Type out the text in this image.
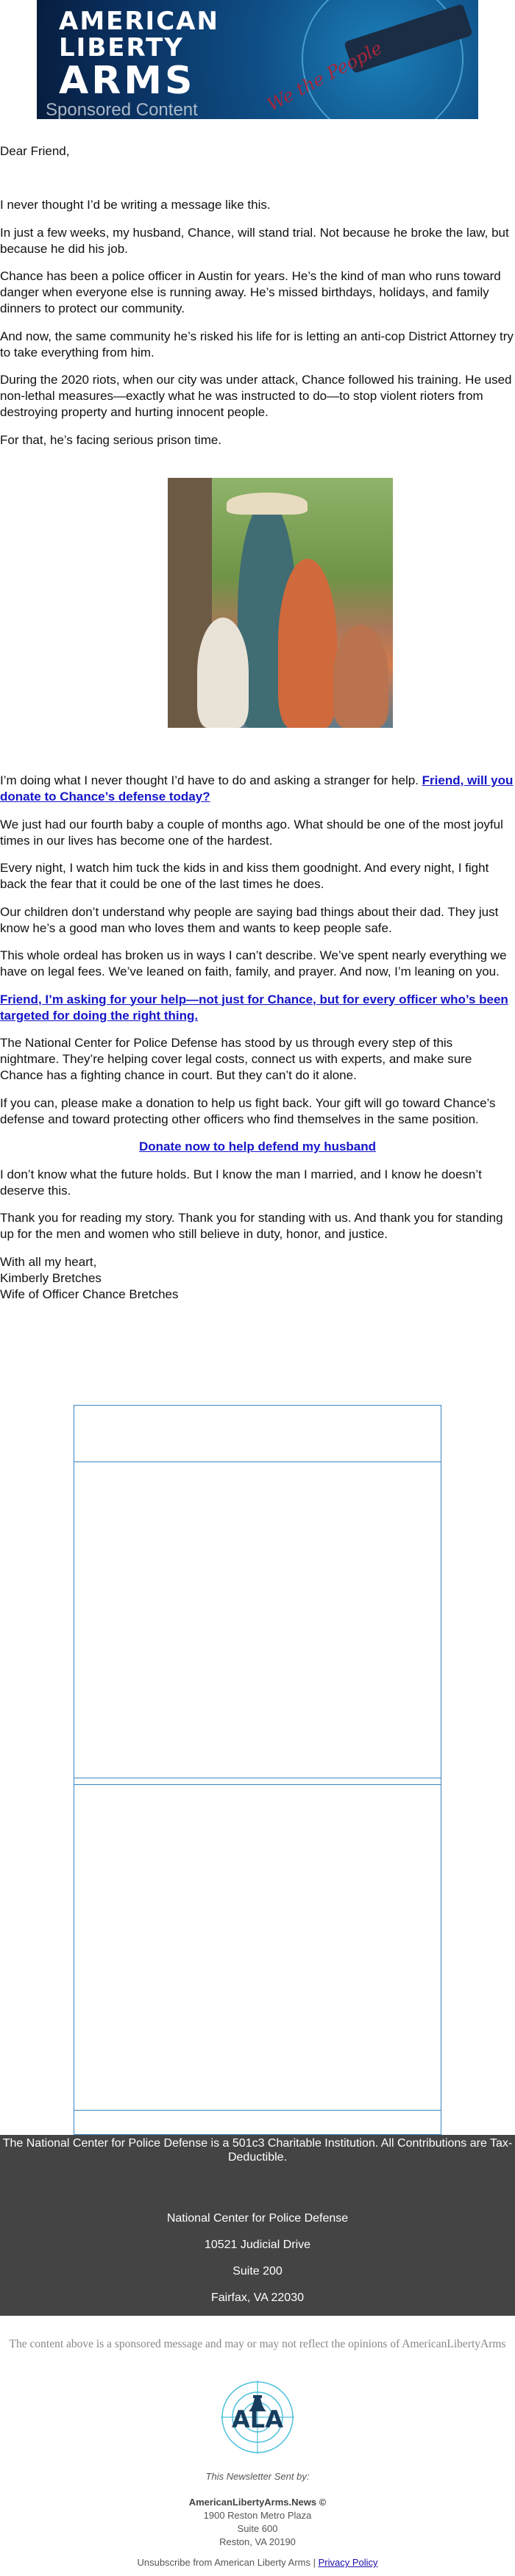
AMERICAN
LIBERTY
ARMS	We the People
Sponsored Content

Dear Friend,

I never thought I’d be writing a message like this.

In just a few weeks, my husband, Chance, will stand trial. Not because he broke the law, but because he did his job.

Chance has been a police officer in Austin for years. He’s the kind of man who runs toward danger when everyone else is running away. He’s missed birthdays, holidays, and family dinners to protect our community.

And now, the same community he’s risked his life for is letting an anti-cop District Attorney try to take everything from him.

During the 2020 riots, when our city was under attack, Chance followed his training. He used non-lethal measures—exactly what he was instructed to do—to stop violent rioters from destroying property and hurting innocent people.

For that, he’s facing serious prison time.

I’m doing what I never thought I’d have to do and asking a stranger for help. Friend, will you donate to Chance’s defense today?

We just had our fourth baby a couple of months ago. What should be one of the most joyful times in our lives has become one of the hardest.

Every night, I watch him tuck the kids in and kiss them goodnight. And every night, I fight back the fear that it could be one of the last times he does.

Our children don’t understand why people are saying bad things about their dad. They just know he’s a good man who loves them and wants to keep people safe.

This whole ordeal has broken us in ways I can’t describe. We’ve spent nearly everything we have on legal fees. We’ve leaned on faith, family, and prayer. And now, I’m leaning on you.

Friend, I’m asking for your help—not just for Chance, but for every officer who’s been targeted for doing the right thing.

The National Center for Police Defense has stood by us through every step of this nightmare. They’re helping cover legal costs, connect us with experts, and make sure Chance has a fighting chance in court. But they can’t do it alone.

If you can, please make a donation to help us fight back. Your gift will go toward Chance’s defense and toward protecting other officers who find themselves in the same position.

Donate now to help defend my husband

I don’t know what the future holds. But I know the man I married, and I know he doesn’t deserve this.

Thank you for reading my story. Thank you for standing with us. And thank you for standing up for the men and women who still believe in duty, honor, and justice.

With all my heart,
Kimberly Bretches
Wife of Officer Chance Bretches
The National Center for Police Defense is a 501c3 Charitable Institution. All Contributions are Tax-Deductible.
National Center for Police Defense
10521 Judicial Drive
Suite 200
Fairfax, VA 22030
The content above is a sponsored message and may or may not reflect the opinions of AmericanLibertyArms
ALA
This Newsletter Sent by:
AmericanLibertyArms.News ©
1900 Reston Metro Plaza
Suite 600
Reston, VA 20190
Unsubscribe from American Liberty Arms | Privacy Policy
